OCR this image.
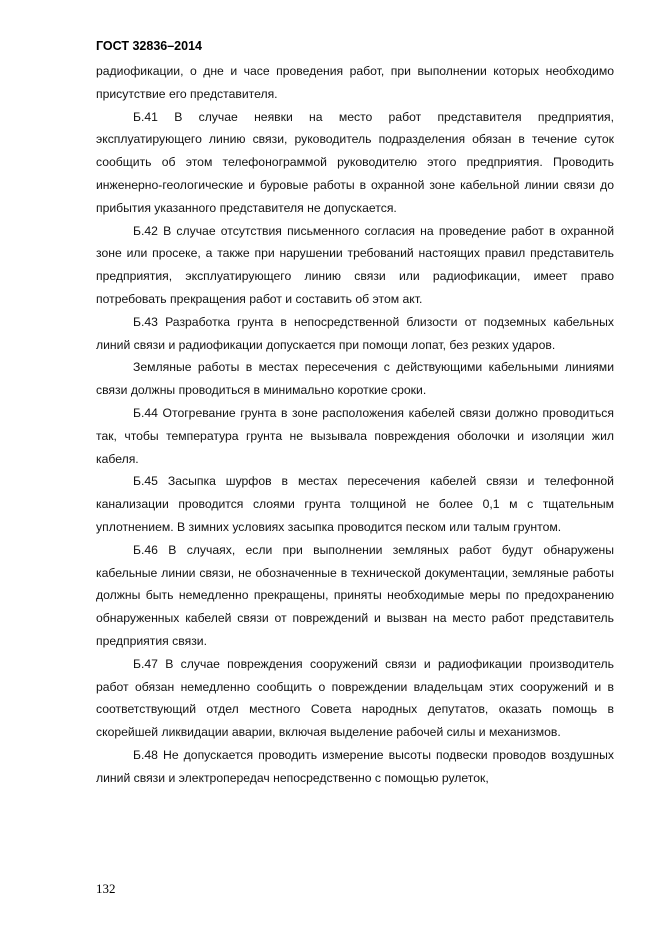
ГОСТ 32836–2014

радиофикации, о дне и часе проведения работ, при выполнении которых необходимо присутствие его представителя.

Б.41 В случае неявки на место работ представителя предприятия, эксплуатирующего линию связи, руководитель подразделения обязан в течение суток сообщить об этом телефонограммой руководителю этого предприятия. Проводить инженерно-геологические и буровые работы в охранной зоне кабельной линии связи до прибытия указанного представителя не допускается.

Б.42 В случае отсутствия письменного согласия на проведение работ в охранной зоне или просеке, а также при нарушении требований настоящих правил представитель предприятия, эксплуатирующего линию связи или радиофикации, имеет право потребовать прекращения работ и составить об этом акт.

Б.43 Разработка грунта в непосредственной близости от подземных кабельных линий связи и радиофикации допускается при помощи лопат, без резких ударов.

Земляные работы в местах пересечения с действующими кабельными линиями связи должны проводиться в минимально короткие сроки.

Б.44 Отогревание грунта в зоне расположения кабелей связи должно проводиться так, чтобы температура грунта не вызывала повреждения оболочки и изоляции жил кабеля.

Б.45 Засыпка шурфов в местах пересечения кабелей связи и телефонной канализации проводится слоями грунта толщиной не более 0,1 м с тщательным уплотнением. В зимних условиях засыпка проводится песком или талым грунтом.

Б.46 В случаях, если при выполнении земляных работ будут обнаружены кабельные линии связи, не обозначенные в технической документации, земляные работы должны быть немедленно прекращены, приняты необходимые меры по предохранению обнаруженных кабелей связи от повреждений и вызван на место работ представитель предприятия связи.

Б.47 В случае повреждения сооружений связи и радиофикации производитель работ обязан немедленно сообщить о повреждении владельцам этих сооружений и в соответствующий отдел местного Совета народных депутатов, оказать помощь в скорейшей ликвидации аварии, включая выделение рабочей силы и механизмов.

Б.48 Не допускается проводить измерение высоты подвески проводов воздушных линий связи и электропередач непосредственно с помощью рулеток,

132
